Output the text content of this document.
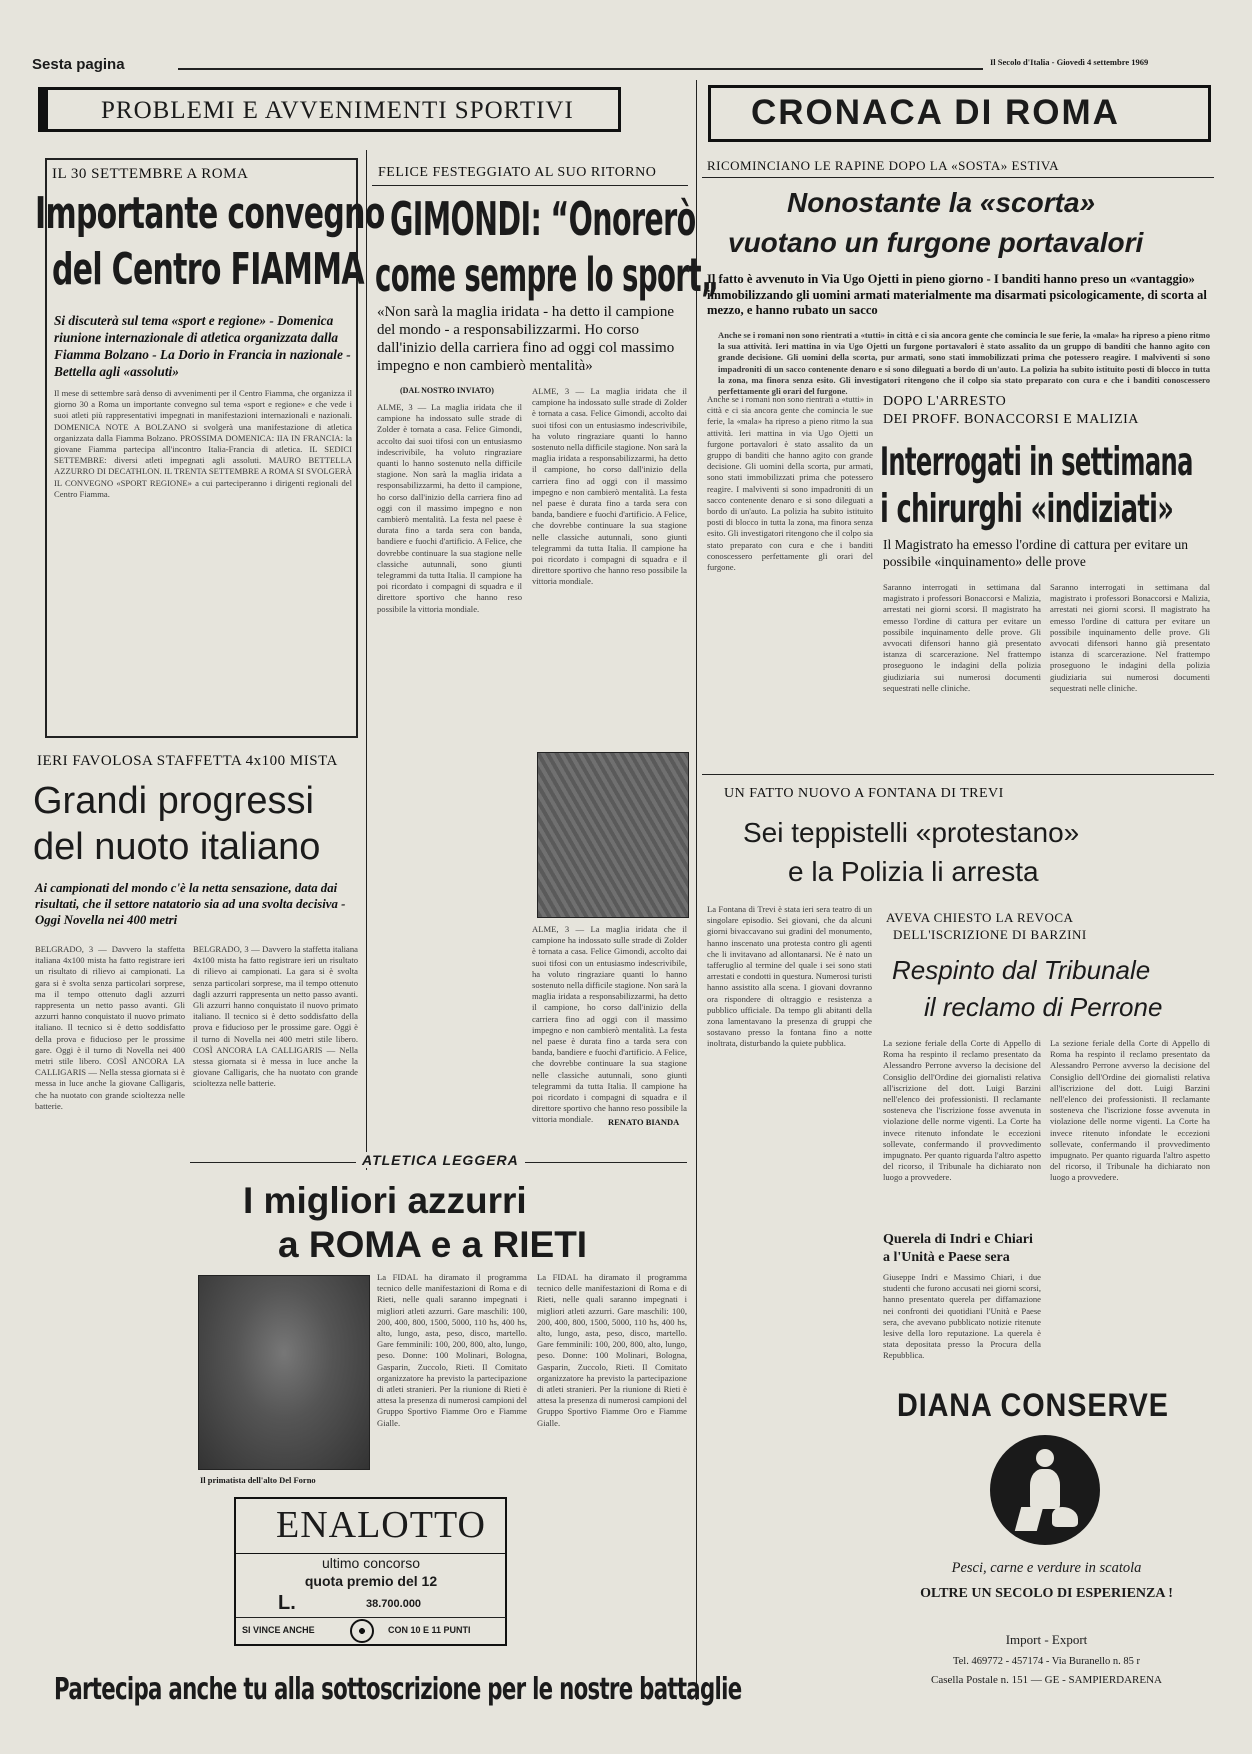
Sesta pagina	Il Secolo d'Italia - Giovedì 4 settembre 1969
PROBLEMI E AVVENIMENTI SPORTIVI	CRONACA DI ROMA
IL 30 SETTEMBRE A ROMA
Importante convegno
del Centro FIAMMA
Si discuterà sul tema «sport e regione» - Domenica riunione internazionale di atletica organizzata dalla Fiamma Bolzano - La Dorio in Francia in nazionale - Bettella agli «assoluti»
Il mese di settembre sarà denso di avvenimenti per il Centro Fiamma, che organizza il giorno 30 a Roma un importante convegno sul tema «sport e regione» e che vede i suoi atleti più rappresentativi impegnati in manifestazioni internazionali e nazionali. DOMENICA NOTE A BOLZANO si svolgerà una manifestazione di atletica organizzata dalla Fiamma Bolzano. PROSSIMA DOMENICA: IIA IN FRANCIA: la giovane Fiamma partecipa all'incontro Italia-Francia di atletica. IL SEDICI SETTEMBRE: diversi atleti impegnati agli assoluti. MAURO BETTELLA AZZURRO DI DECATHLON. IL TRENTA SETTEMBRE A ROMA SI SVOLGERÀ IL CONVEGNO «SPORT REGIONE» a cui parteciperanno i dirigenti regionali del Centro Fiamma.
FELICE FESTEGGIATO AL SUO RITORNO
GIMONDI: “Onorerò
come sempre lo sport„
«Non sarà la maglia iridata - ha detto il campione del mondo - a responsabilizzarmi. Ho corso dall'inizio della carriera fino ad oggi col massimo impegno e non cambierò mentalità»
(DAL NOSTRO INVIATO)
ALME, 3 — La maglia iridata che il campione ha indossato sulle strade di Zolder è tornata a casa. Felice Gimondi, accolto dai suoi tifosi con un entusiasmo indescrivibile, ha voluto ringraziare quanti lo hanno sostenuto nella difficile stagione. Non sarà la maglia iridata a responsabilizzarmi, ha detto il campione, ho corso dall'inizio della carriera fino ad oggi con il massimo impegno e non cambierò mentalità. La festa nel paese è durata fino a tarda sera con banda, bandiere e fuochi d'artificio. A Felice, che dovrebbe continuare la sua stagione nelle classiche autunnali, sono giunti telegrammi da tutta Italia. Il campione ha poi ricordato i compagni di squadra e il direttore sportivo che hanno reso possibile la vittoria mondiale.
ALME, 3 — La maglia iridata che il campione ha indossato sulle strade di Zolder è tornata a casa. Felice Gimondi, accolto dai suoi tifosi con un entusiasmo indescrivibile, ha voluto ringraziare quanti lo hanno sostenuto nella difficile stagione. Non sarà la maglia iridata a responsabilizzarmi, ha detto il campione, ho corso dall'inizio della carriera fino ad oggi con il massimo impegno e non cambierò mentalità. La festa nel paese è durata fino a tarda sera con banda, bandiere e fuochi d'artificio. A Felice, che dovrebbe continuare la sua stagione nelle classiche autunnali, sono giunti telegrammi da tutta Italia. Il campione ha poi ricordato i compagni di squadra e il direttore sportivo che hanno reso possibile la vittoria mondiale.
ALME, 3 — La maglia iridata che il campione ha indossato sulle strade di Zolder è tornata a casa. Felice Gimondi, accolto dai suoi tifosi con un entusiasmo indescrivibile, ha voluto ringraziare quanti lo hanno sostenuto nella difficile stagione. Non sarà la maglia iridata a responsabilizzarmi, ha detto il campione, ho corso dall'inizio della carriera fino ad oggi con il massimo impegno e non cambierò mentalità. La festa nel paese è durata fino a tarda sera con banda, bandiere e fuochi d'artificio. A Felice, che dovrebbe continuare la sua stagione nelle classiche autunnali, sono giunti telegrammi da tutta Italia. Il campione ha poi ricordato i compagni di squadra e il direttore sportivo che hanno reso possibile la vittoria mondiale.	RENATO BIANDA
IERI FAVOLOSA STAFFETTA 4x100 MISTA
Grandi progressi
del nuoto italiano
Ai campionati del mondo c'è la netta sensazione, data dai risultati, che il settore natatorio sia ad una svolta decisiva - Oggi Novella nei 400 metri
BELGRADO, 3 — Davvero la staffetta italiana 4x100 mista ha fatto registrare ieri un risultato di rilievo ai campionati. La gara si è svolta senza particolari sorprese, ma il tempo ottenuto dagli azzurri rappresenta un netto passo avanti. Gli azzurri hanno conquistato il nuovo primato italiano. Il tecnico si è detto soddisfatto della prova e fiducioso per le prossime gare. Oggi è il turno di Novella nei 400 metri stile libero. COSÌ ANCORA LA CALLIGARIS — Nella stessa giornata si è messa in luce anche la giovane Calligaris, che ha nuotato con grande scioltezza nelle batterie.
BELGRADO, 3 — Davvero la staffetta italiana 4x100 mista ha fatto registrare ieri un risultato di rilievo ai campionati. La gara si è svolta senza particolari sorprese, ma il tempo ottenuto dagli azzurri rappresenta un netto passo avanti. Gli azzurri hanno conquistato il nuovo primato italiano. Il tecnico si è detto soddisfatto della prova e fiducioso per le prossime gare. Oggi è il turno di Novella nei 400 metri stile libero. COSÌ ANCORA LA CALLIGARIS — Nella stessa giornata si è messa in luce anche la giovane Calligaris, che ha nuotato con grande scioltezza nelle batterie.
ATLETICA LEGGERA
I migliori azzurri
a ROMA e a RIETI
Il primatista dell'alto Del Forno
La FIDAL ha diramato il programma tecnico delle manifestazioni di Roma e di Rieti, nelle quali saranno impegnati i migliori atleti azzurri. Gare maschili: 100, 200, 400, 800, 1500, 5000, 110 hs, 400 hs, alto, lungo, asta, peso, disco, martello. Gare femminili: 100, 200, 800, alto, lungo, peso. Donne: 100 Molinari, Bologna, Gasparin, Zuccolo, Rieti. Il Comitato organizzatore ha previsto la partecipazione di atleti stranieri. Per la riunione di Rieti è attesa la presenza di numerosi campioni del Gruppo Sportivo Fiamme Oro e Fiamme Gialle.
La FIDAL ha diramato il programma tecnico delle manifestazioni di Roma e di Rieti, nelle quali saranno impegnati i migliori atleti azzurri. Gare maschili: 100, 200, 400, 800, 1500, 5000, 110 hs, 400 hs, alto, lungo, asta, peso, disco, martello. Gare femminili: 100, 200, 800, alto, lungo, peso. Donne: 100 Molinari, Bologna, Gasparin, Zuccolo, Rieti. Il Comitato organizzatore ha previsto la partecipazione di atleti stranieri. Per la riunione di Rieti è attesa la presenza di numerosi campioni del Gruppo Sportivo Fiamme Oro e Fiamme Gialle.
ENALOTTO
ultimo concorso
quota premio del 12
L.	38.700.000
SI VINCE ANCHE	CON 10 E 11 PUNTI
Partecipa anche tu alla sottoscrizione per le nostre battaglie
RICOMINCIANO LE RAPINE DOPO LA «SOSTA» ESTIVA
Nonostante la «scorta»
vuotano un furgone portavalori
Il fatto è avvenuto in Via Ugo Ojetti in pieno giorno - I banditi hanno preso un «vantaggio» immobilizzando gli uomini armati materialmente ma disarmati psicologicamente, di scorta al mezzo, e hanno rubato un sacco
Anche se i romani non sono rientrati a «tutti» in città e ci sia ancora gente che comincia le sue ferie, la «mala» ha ripreso a pieno ritmo la sua attività. Ieri mattina in via Ugo Ojetti un furgone portavalori è stato assalito da un gruppo di banditi che hanno agito con grande decisione. Gli uomini della scorta, pur armati, sono stati immobilizzati prima che potessero reagire. I malviventi si sono impadroniti di un sacco contenente denaro e si sono dileguati a bordo di un'auto. La polizia ha subito istituito posti di blocco in tutta la zona, ma finora senza esito. Gli investigatori ritengono che il colpo sia stato preparato con cura e che i banditi conoscessero perfettamente gli orari del furgone.
Anche se i romani non sono rientrati a «tutti» in città e ci sia ancora gente che comincia le sue ferie, la «mala» ha ripreso a pieno ritmo la sua attività. Ieri mattina in via Ugo Ojetti un furgone portavalori è stato assalito da un gruppo di banditi che hanno agito con grande decisione. Gli uomini della scorta, pur armati, sono stati immobilizzati prima che potessero reagire. I malviventi si sono impadroniti di un sacco contenente denaro e si sono dileguati a bordo di un'auto. La polizia ha subito istituito posti di blocco in tutta la zona, ma finora senza esito. Gli investigatori ritengono che il colpo sia stato preparato con cura e che i banditi conoscessero perfettamente gli orari del furgone.
DOPO L'ARRESTO
DEI PROFF. BONACCORSI E MALIZIA
Interrogati in settimana
i chirurghi «indiziati»
Il Magistrato ha emesso l'ordine di cattura per evitare un possibile «inquinamento» delle prove
Saranno interrogati in settimana dal magistrato i professori Bonaccorsi e Malizia, arrestati nei giorni scorsi. Il magistrato ha emesso l'ordine di cattura per evitare un possibile inquinamento delle prove. Gli avvocati difensori hanno già presentato istanza di scarcerazione. Nel frattempo proseguono le indagini della polizia giudiziaria sui numerosi documenti sequestrati nelle cliniche.
Saranno interrogati in settimana dal magistrato i professori Bonaccorsi e Malizia, arrestati nei giorni scorsi. Il magistrato ha emesso l'ordine di cattura per evitare un possibile inquinamento delle prove. Gli avvocati difensori hanno già presentato istanza di scarcerazione. Nel frattempo proseguono le indagini della polizia giudiziaria sui numerosi documenti sequestrati nelle cliniche.
UN FATTO NUOVO A FONTANA DI TREVI
Sei teppistelli «protestano»
e la Polizia li arresta
La Fontana di Trevi è stata ieri sera teatro di un singolare episodio. Sei giovani, che da alcuni giorni bivaccavano sui gradini del monumento, hanno inscenato una protesta contro gli agenti che li invitavano ad allontanarsi. Ne è nato un tafferuglio al termine del quale i sei sono stati arrestati e condotti in questura. Numerosi turisti hanno assistito alla scena. I giovani dovranno ora rispondere di oltraggio e resistenza a pubblico ufficiale. Da tempo gli abitanti della zona lamentavano la presenza di gruppi che sostavano presso la fontana fino a notte inoltrata, disturbando la quiete pubblica.
AVEVA CHIESTO LA REVOCA
DELL'ISCRIZIONE DI BARZINI
Respinto dal Tribunale
il reclamo di Perrone
La sezione feriale della Corte di Appello di Roma ha respinto il reclamo presentato da Alessandro Perrone avverso la decisione del Consiglio dell'Ordine dei giornalisti relativa all'iscrizione del dott. Luigi Barzini nell'elenco dei professionisti. Il reclamante sosteneva che l'iscrizione fosse avvenuta in violazione delle norme vigenti. La Corte ha invece ritenuto infondate le eccezioni sollevate, confermando il provvedimento impugnato. Per quanto riguarda l'altro aspetto del ricorso, il Tribunale ha dichiarato non luogo a provvedere.
La sezione feriale della Corte di Appello di Roma ha respinto il reclamo presentato da Alessandro Perrone avverso la decisione del Consiglio dell'Ordine dei giornalisti relativa all'iscrizione del dott. Luigi Barzini nell'elenco dei professionisti. Il reclamante sosteneva che l'iscrizione fosse avvenuta in violazione delle norme vigenti. La Corte ha invece ritenuto infondate le eccezioni sollevate, confermando il provvedimento impugnato. Per quanto riguarda l'altro aspetto del ricorso, il Tribunale ha dichiarato non luogo a provvedere.
Querela di Indri e Chiari
a l'Unità e Paese sera
Giuseppe Indri e Massimo Chiari, i due studenti che furono accusati nei giorni scorsi, hanno presentato querela per diffamazione nei confronti dei quotidiani l'Unità e Paese sera, che avevano pubblicato notizie ritenute lesive della loro reputazione. La querela è stata depositata presso la Procura della Repubblica.
DIANA CONSERVE
Pesci, carne e verdure in scatola
OLTRE UN SECOLO DI ESPERIENZA !
Import - Export
Tel. 469772 - 457174 - Via Buranello n. 85 r
Casella Postale n. 151 — GE - SAMPIERDARENA
